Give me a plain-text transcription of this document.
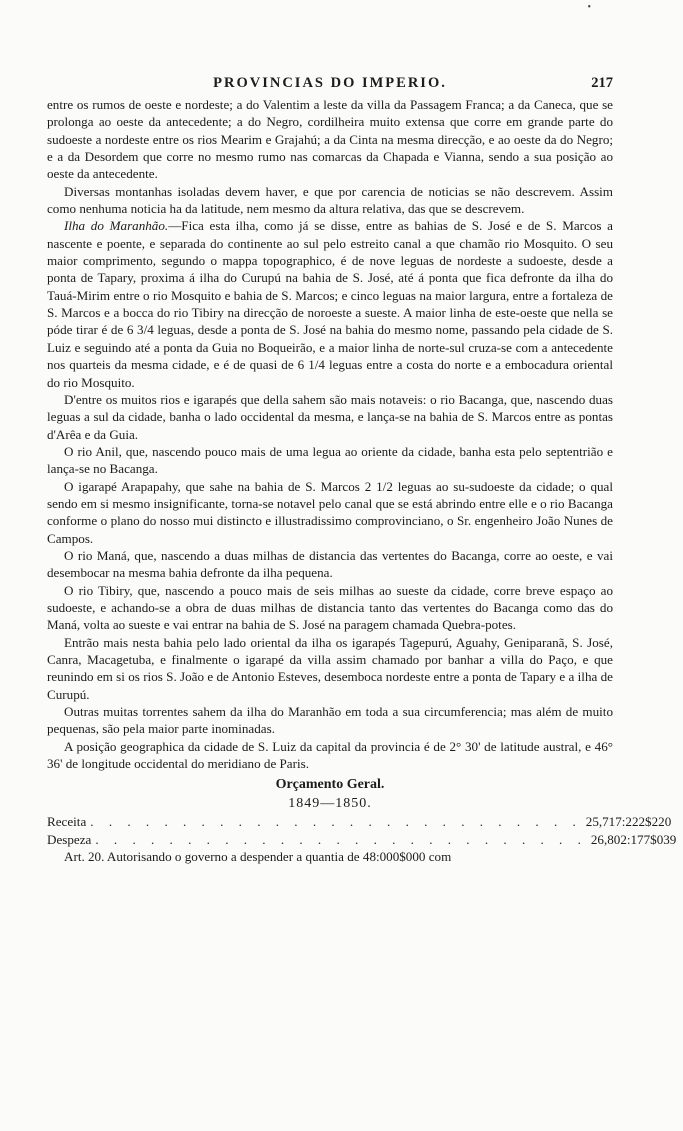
•
PROVINCIAS DO IMPERIO.	217

entre os rumos de oeste e nordeste; a do Valentim a leste da villa da Passagem Franca; a da Caneca, que se prolonga ao oeste da antecedente; a do Negro, cordilheira muito extensa que corre em grande parte do sudoeste a nordeste entre os rios Mearim e Grajahú; a da Cinta na mesma direcção, e ao oeste da do Negro; e a da Desordem que corre no mesmo rumo nas comarcas da Chapada e Vianna, sendo a sua posição ao oeste da antecedente.

Diversas montanhas isoladas devem haver, e que por carencia de noticias se não descrevem. Assim como nenhuma noticia ha da latitude, nem mesmo da altura relativa, das que se descrevem.

Ilha do Maranhão.—Fica esta ilha, como já se disse, entre as bahias de S. José e de S. Marcos a nascente e poente, e separada do continente ao sul pelo estreito canal a que chamão rio Mosquito. O seu maior comprimento, segundo o mappa topographico, é de nove leguas de nordeste a sudoeste, desde a ponta de Tapary, proxima á ilha do Curupú na bahia de S. José, até á ponta que fica defronte da ilha do Tauá-Mirim entre o rio Mosquito e bahia de S. Marcos; e cinco leguas na maior largura, entre a fortaleza de S. Marcos e a bocca do rio Tibiry na direcção de noroeste a sueste. A maior linha de este-oeste que nella se póde tirar é de 6 3/4 leguas, desde a ponta de S. José na bahia do mesmo nome, passando pela cidade de S. Luiz e seguindo até a ponta da Guia no Boqueirão, e a maior linha de norte-sul cruza-se com a antecedente nos quarteis da mesma cidade, e é de quasi de 6 1/4 leguas entre a costa do norte e a embocadura oriental do rio Mosquito.

D'entre os muitos rios e igarapés que della sahem são mais notaveis: o rio Bacanga, que, nascendo duas leguas a sul da cidade, banha o lado occidental da mesma, e lança-se na bahia de S. Marcos entre as pontas d'Arêa e da Guia.

O rio Anil, que, nascendo pouco mais de uma legua ao oriente da cidade, banha esta pelo septentrião e lança-se no Bacanga.

O igarapé Arapapahy, que sahe na bahia de S. Marcos 2 1/2 leguas ao su-sudoeste da cidade; o qual sendo em si mesmo insignificante, torna-se notavel pelo canal que se está abrindo entre elle e o rio Bacanga conforme o plano do nosso mui distincto e illustradissimo comprovinciano, o Sr. engenheiro João Nunes de Campos.

O rio Maná, que, nascendo a duas milhas de distancia das vertentes do Bacanga, corre ao oeste, e vai desembocar na mesma bahia defronte da ilha pequena.

O rio Tibiry, que, nascendo a pouco mais de seis milhas ao sueste da cidade, corre breve espaço ao sudoeste, e achando-se a obra de duas milhas de distancia tanto das vertentes do Bacanga como das do Maná, volta ao sueste e vai entrar na bahia de S. José na paragem chamada Quebra-potes.

Entrão mais nesta bahia pelo lado oriental da ilha os igarapés Tagepurú, Aguahy, Geniparanã, S. José, Canra, Macagetuba, e finalmente o igarapé da villa assim chamado por banhar a villa do Paço, e que reunindo em si os rios S. João e de Antonio Esteves, desemboca nordeste entre a ponta de Tapary e a ilha de Curupú.

Outras muitas torrentes sahem da ilha do Maranhão em toda a sua circumferencia; mas além de muito pequenas, são pela maior parte inominadas.

A posição geographica da cidade de S. Luiz da capital da provincia é de 2° 30' de latitude austral, e 46° 36' de longitude occidental do meridiano de Paris.

Orçamento Geral.
1849—1850.
Receita . . . . . . . . . . . . . . . . . . . . . . . . . . . 25,717:222$220
Despeza . . . . . . . . . . . . . . . . . . . . . . . . . . . 26,802:177$039

Art. 20. Autorisando o governo a despender a quantia de 48:000$000 com
